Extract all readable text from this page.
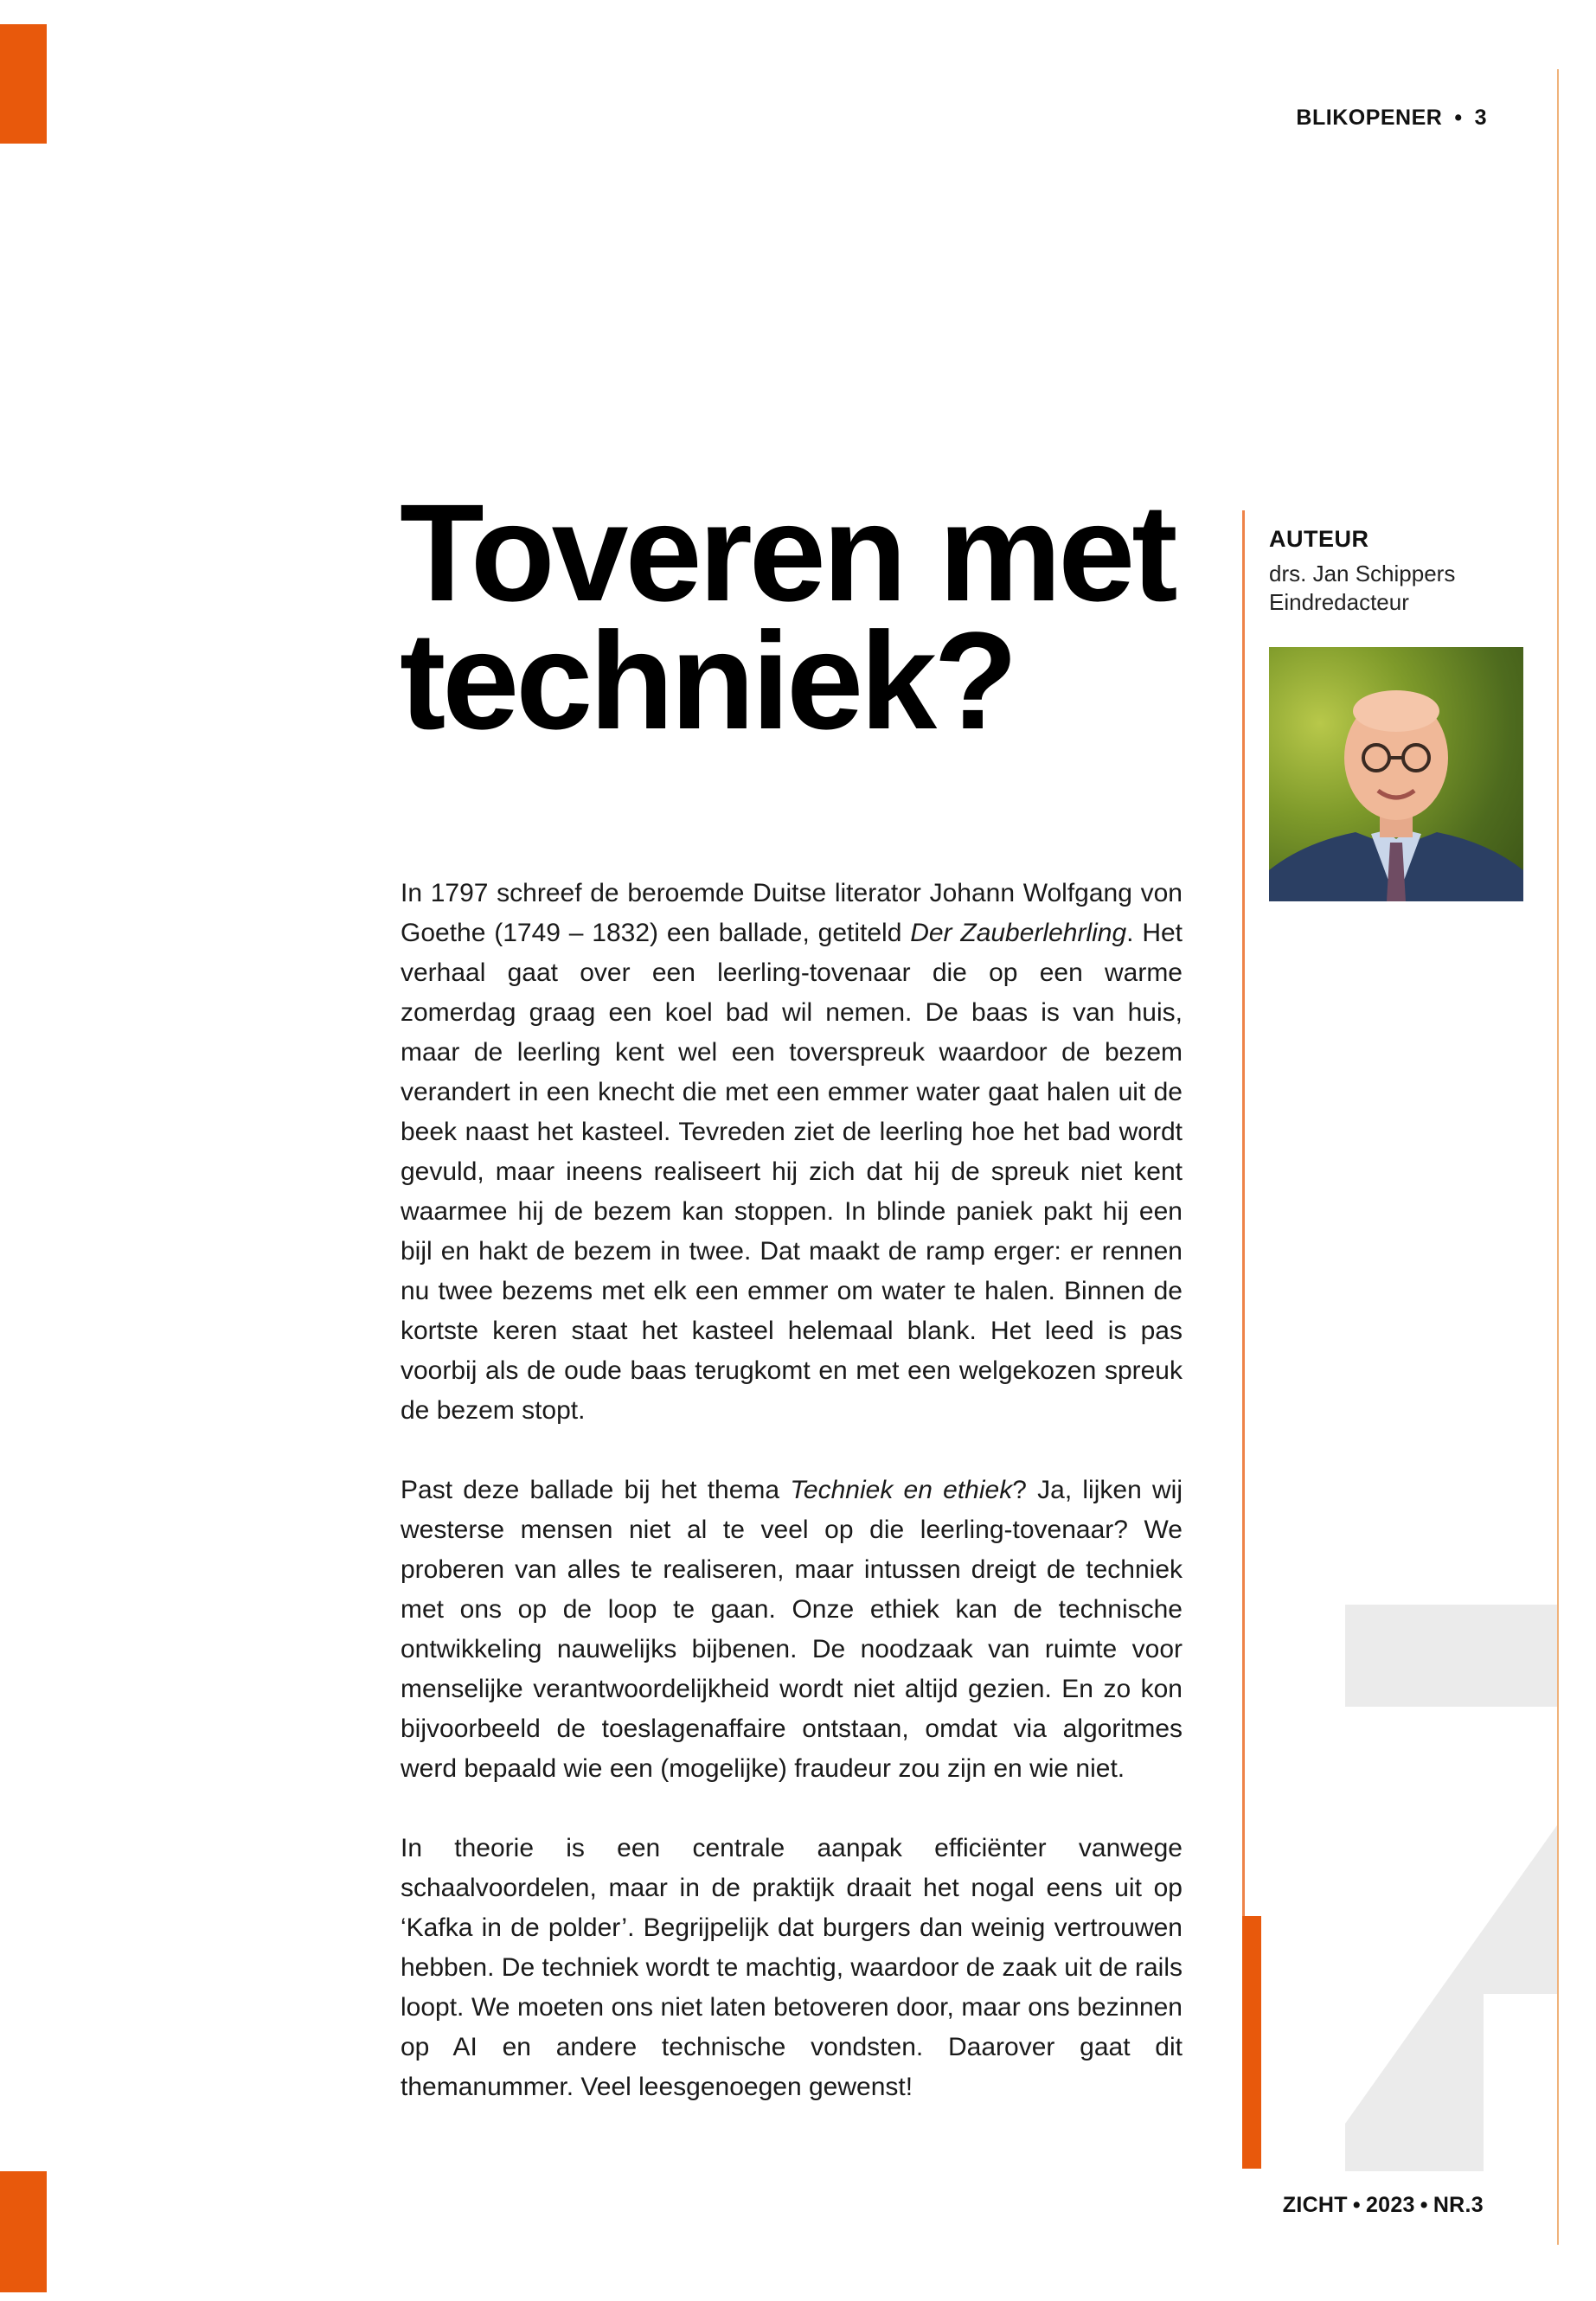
BLIKOPENER • 3
Toveren met
techniek?
AUTEUR
drs. Jan Schippers
Eindredacteur

In 1797 schreef de beroemde Duitse literator Johann Wolfgang von Goethe (1749 – 1832) een ballade, getiteld Der Zauberlehrling. Het verhaal gaat over een leerling-tovenaar die op een warme zomerdag graag een koel bad wil nemen. De baas is van huis, maar de leerling kent wel een toverspreuk waardoor de bezem verandert in een knecht die met een emmer water gaat halen uit de beek naast het kasteel. Tevreden ziet de leerling hoe het bad wordt gevuld, maar ineens realiseert hij zich dat hij de spreuk niet kent waarmee hij de bezem kan stoppen. In blinde paniek pakt hij een bijl en hakt de bezem in twee. Dat maakt de ramp erger: er rennen nu twee bezems met elk een emmer om water te halen. Binnen de kortste keren staat het kasteel helemaal blank. Het leed is pas voorbij als de oude baas terugkomt en met een welgekozen spreuk de bezem stopt.

Past deze ballade bij het thema Techniek en ethiek? Ja, lijken wij westerse mensen niet al te veel op die leerling-tovenaar? We proberen van alles te realiseren, maar intussen dreigt de techniek met ons op de loop te gaan. Onze ethiek kan de technische ontwikkeling nauwelijks bijbenen. De noodzaak van ruimte voor menselijke verantwoordelijkheid wordt niet altijd gezien. En zo kon bijvoorbeeld de toeslagenaffaire ontstaan, omdat via algoritmes werd bepaald wie een (mogelijke) fraudeur zou zijn en wie niet.

In theorie is een centrale aanpak efficiënter vanwege schaalvoordelen, maar in de praktijk draait het nogal eens uit op ‘Kafka in de polder’. Begrijpelijk dat burgers dan weinig vertrouwen hebben. De techniek wordt te machtig, waardoor de zaak uit de rails loopt. We moeten ons niet laten betoveren door, maar ons bezinnen op AI en andere technische vondsten. Daarover gaat dit themanummer. Veel leesgenoegen gewenst!

ZICHT • 2023 • NR.3
